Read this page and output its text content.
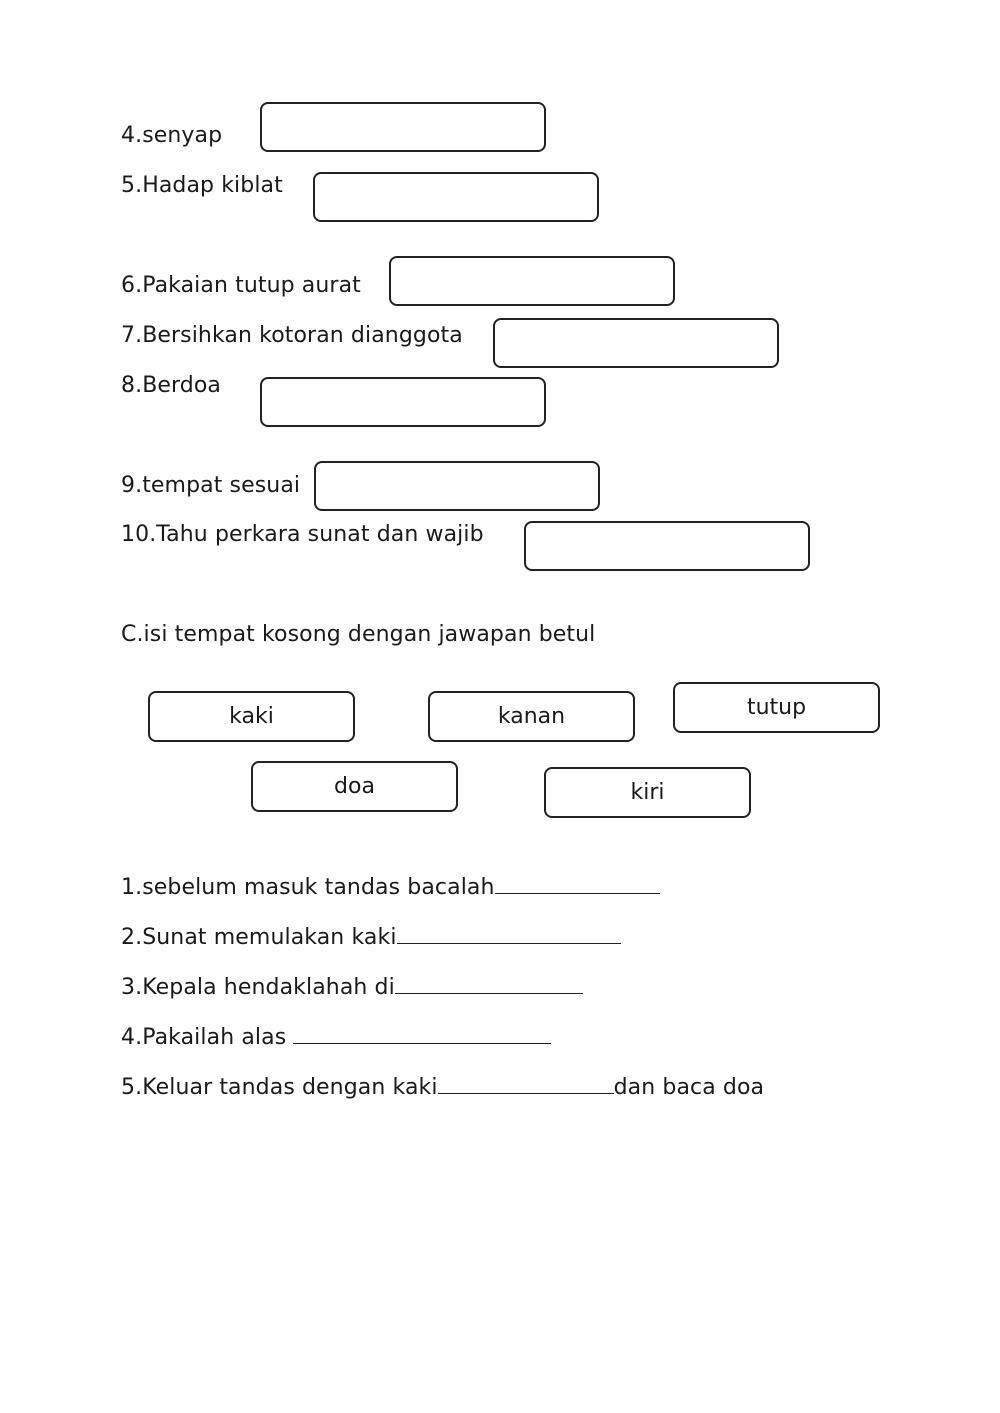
4.senyap
5.Hadap kiblat
6.Pakaian tutup aurat
7.Bersihkan kotoran dianggota
8.Berdoa
9.tempat sesuai
10.Tahu perkara sunat dan wajib
C.isi tempat kosong dengan jawapan betul
kaki	kanan	tutup
doa	kiri
1.sebelum masuk tandas bacalah
2.Sunat memulakan kaki
3.Kepala hendaklahah di
4.Pakailah alas
5.Keluar tandas dengan kaki	dan baca doa
